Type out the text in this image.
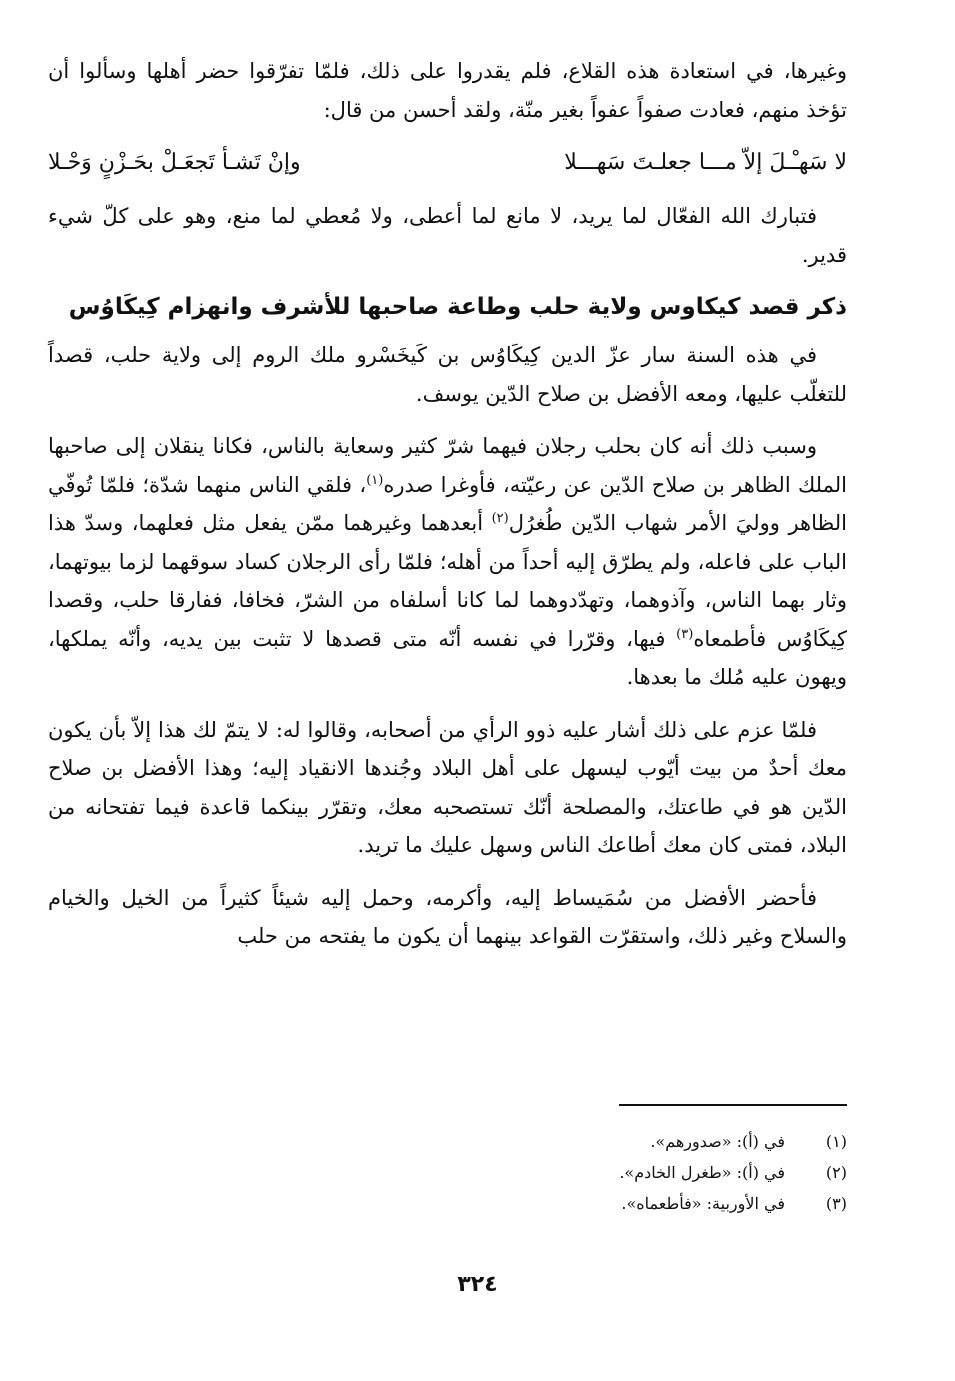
وغيرها، في استعادة هذه القلاع، فلم يقدروا على ذلك، فلمّا تفرّقوا حضر أهلها وسألوا أن تؤخذ منهم، فعادت صفواً عفواً بغير منّة، ولقد أحسن من قال:

لا سَهـْـلَ إلاّ مـــا جعلـتَ سَهـــلا
وإنْ تَشـأ تَجعَـلْ بحَـزْنٍ وَحْـلا

فتبارك الله الفعّال لما يريد، لا مانع لما أعطى، ولا مُعطي لما منع، وهو على كلّ شيء قدير.

ذكر قصد كيكاوس ولاية حلب وطاعة صاحبها للأشرف وانهزام كِيكَاوُس

في هذه السنة سار عزّ الدين كِيكَاوُس بن كَيخَسْرو ملك الروم إلى ولاية حلب، قصداً للتغلّب عليها، ومعه الأفضل بن صلاح الدّين يوسف.

وسبب ذلك أنه كان بحلب رجلان فيهما شرّ كثير وسعاية بالناس، فكانا ينقلان إلى صاحبها الملك الظاهر بن صلاح الدّين عن رعيّته، فأوغرا صدره$^{(١)}$، فلقي الناس منهما شدّة؛ فلمّا تُوفّي الظاهر ووليَ الأمر شهاب الدّين طُغرُل$^{(٢)}$ أبعدهما وغيرهما ممّن يفعل مثل فعلهما، وسدّ هذا الباب على فاعله، ولم يطرّق إليه أحداً من أهله؛ فلمّا رأى الرجلان كساد سوقهما لزما بيوتهما، وثار بهما الناس، وآذوهما، وتهدّدوهما لما كانا أسلفاه من الشرّ، فخافا، ففارقا حلب، وقصدا كِيكَاوُس فأطمعاه$^{(٣)}$ فيها، وقرّرا في نفسه أنّه متى قصدها لا تثبت بين يديه، وأنّه يملكها، ويهون عليه مُلك ما بعدها.

فلمّا عزم على ذلك أشار عليه ذوو الرأي من أصحابه، وقالوا له: لا يتمّ لك هذا إلاّ بأن يكون معك أحدٌ من بيت أيّوب ليسهل على أهل البلاد وجُندها الانقياد إليه؛ وهذا الأفضل بن صلاح الدّين هو في طاعتك، والمصلحة أنّك تستصحبه معك، وتقرّر بينكما قاعدة فيما تفتحانه من البلاد، فمتى كان معك أطاعك الناس وسهل عليك ما تريد.

فأحضر الأفضل من سُمَيساط إليه، وأكرمه، وحمل إليه شيئاً كثيراً من الخيل والخيام والسلاح وغير ذلك، واستقرّت القواعد بينهما أن يكون ما يفتحه من حلب

(١)
في (أ): «صدورهم».
(٢)
في (أ): «طغرل الخادم».
(٣)
في الأوربية: «فأطعماه».
٣٢٤
